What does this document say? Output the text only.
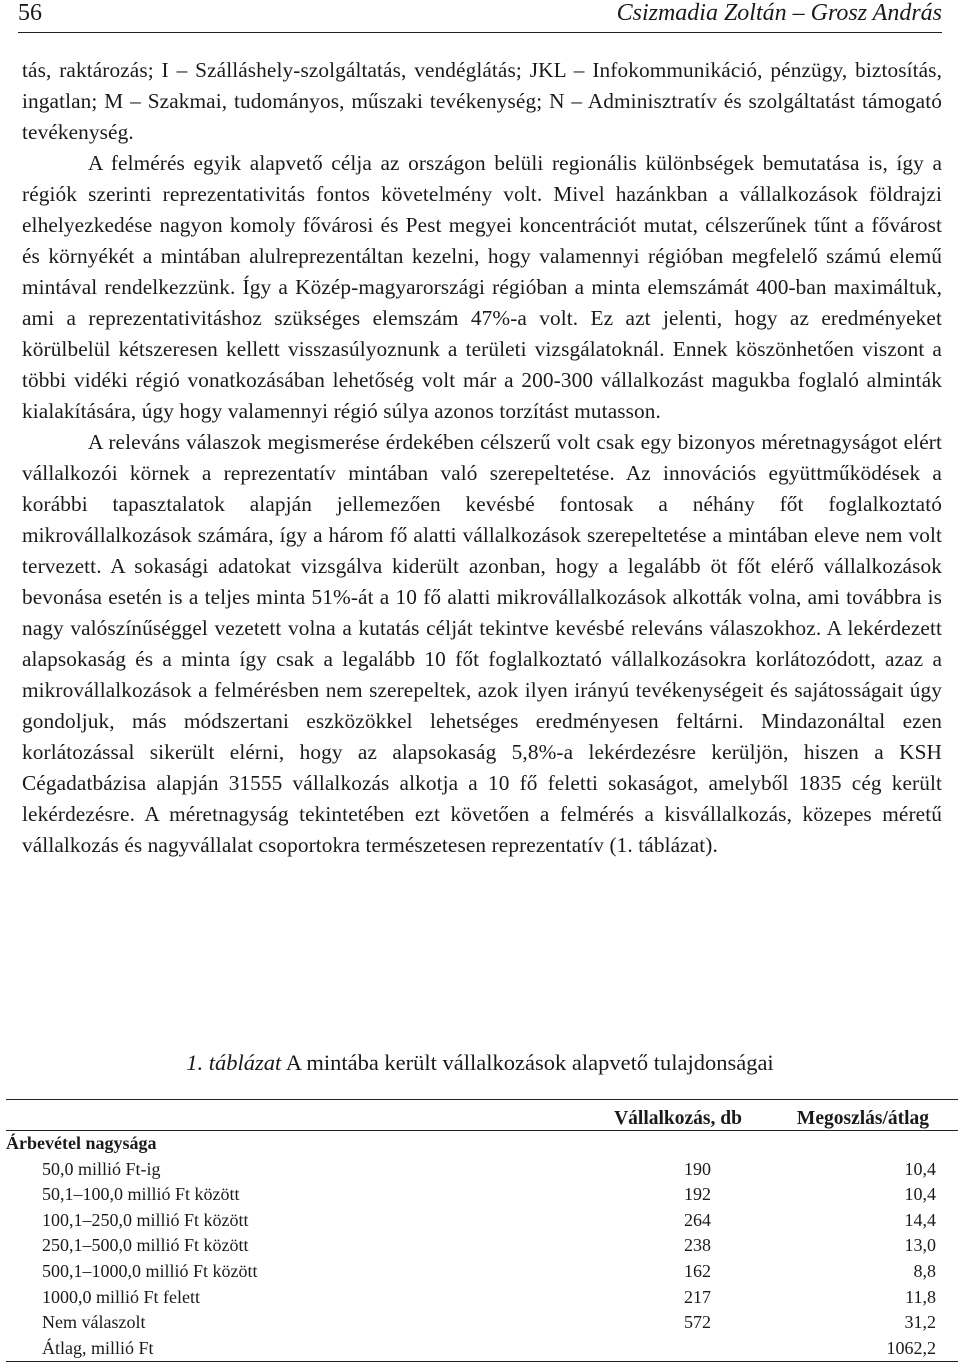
56	Csizmadia Zoltán – Grosz András

tás, raktározás; I – Szálláshely-szolgáltatás, vendéglátás; JKL – Infokommunikáció, pénzügy, biztosítás, ingatlan; M – Szakmai, tudományos, műszaki tevékenység; N – Adminisztratív és szolgáltatást támogató tevékenység.

A felmérés egyik alapvető célja az országon belüli regionális különbségek bemutatása is, így a régiók szerinti reprezentativitás fontos követelmény volt. Mivel hazánkban a vállalkozások földrajzi elhelyezkedése nagyon komoly fővárosi és Pest megyei koncentrációt mutat, célszerűnek tűnt a fővárost és környékét a mintában alulreprezentáltan kezelni, hogy valamennyi régióban megfelelő számú elemű mintával rendelkezzünk. Így a Közép-magyarországi régióban a minta elemszámát 400-ban maximáltuk, ami a reprezentativitáshoz szükséges elemszám 47%-a volt. Ez azt jelenti, hogy az eredményeket körülbelül kétszeresen kellett visszasúlyoznunk a területi vizsgálatoknál. Ennek köszönhetően viszont a többi vidéki régió vonatkozásában lehetőség volt már a 200-300 vállalkozást magukba foglaló alminták kialakítására, úgy hogy valamennyi régió súlya azonos torzítást mutasson.

A releváns válaszok megismerése érdekében célszerű volt csak egy bizonyos méretnagyságot elért vállalkozói körnek a reprezentatív mintában való szerepeltetése. Az innovációs együttműködések a korábbi tapasztalatok alapján jellemezően kevésbé fontosak a néhány főt foglalkoztató mikrovállalkozások számára, így a három fő alatti vállalkozások szerepeltetése a mintában eleve nem volt tervezett. A sokasági adatokat vizsgálva kiderült azonban, hogy a legalább öt főt elérő vállalkozások bevonása esetén is a teljes minta 51%-át a 10 fő alatti mikrovállalkozások alkották volna, ami továbbra is nagy valószínűséggel vezetett volna a kutatás célját tekintve kevésbé releváns válaszokhoz. A lekérdezett alapsokaság és a minta így csak a legalább 10 főt foglalkoztató vállalkozásokra korlátozódott, azaz a mikrovállalkozások a felmérésben nem szerepeltek, azok ilyen irányú tevékenységeit és sajátosságait úgy gondoljuk, más módszertani eszközökkel lehetséges eredményesen feltárni. Mindazonáltal ezen korlátozással sikerült elérni, hogy az alapsokaság 5,8%-a lekérdezésre kerüljön, hiszen a KSH Cégadatbázisa alapján 31555 vállalkozás alkotja a 10 fő feletti sokaságot, amelyből 1835 cég került lekérdezésre. A méretnagyság tekintetében ezt követően a felmérés a kisvállalkozás, közepes méretű vállalkozás és nagyvállalat csoportokra természetesen reprezentatív (1. táblázat).

1. táblázat A mintába került vállalkozások alapvető tulajdonságai
	Vállalkozás, db	Megoszlás/átlag
Árbevétel nagysága		
50,0 millió Ft-ig	190	10,4
50,1–100,0 millió Ft között	192	10,4
100,1–250,0 millió Ft között	264	14,4
250,1–500,0 millió Ft között	238	13,0
500,1–1000,0 millió Ft között	162	8,8
1000,0 millió Ft felett	217	11,8
Nem válaszolt	572	31,2
Átlag, millió Ft		1062,2
